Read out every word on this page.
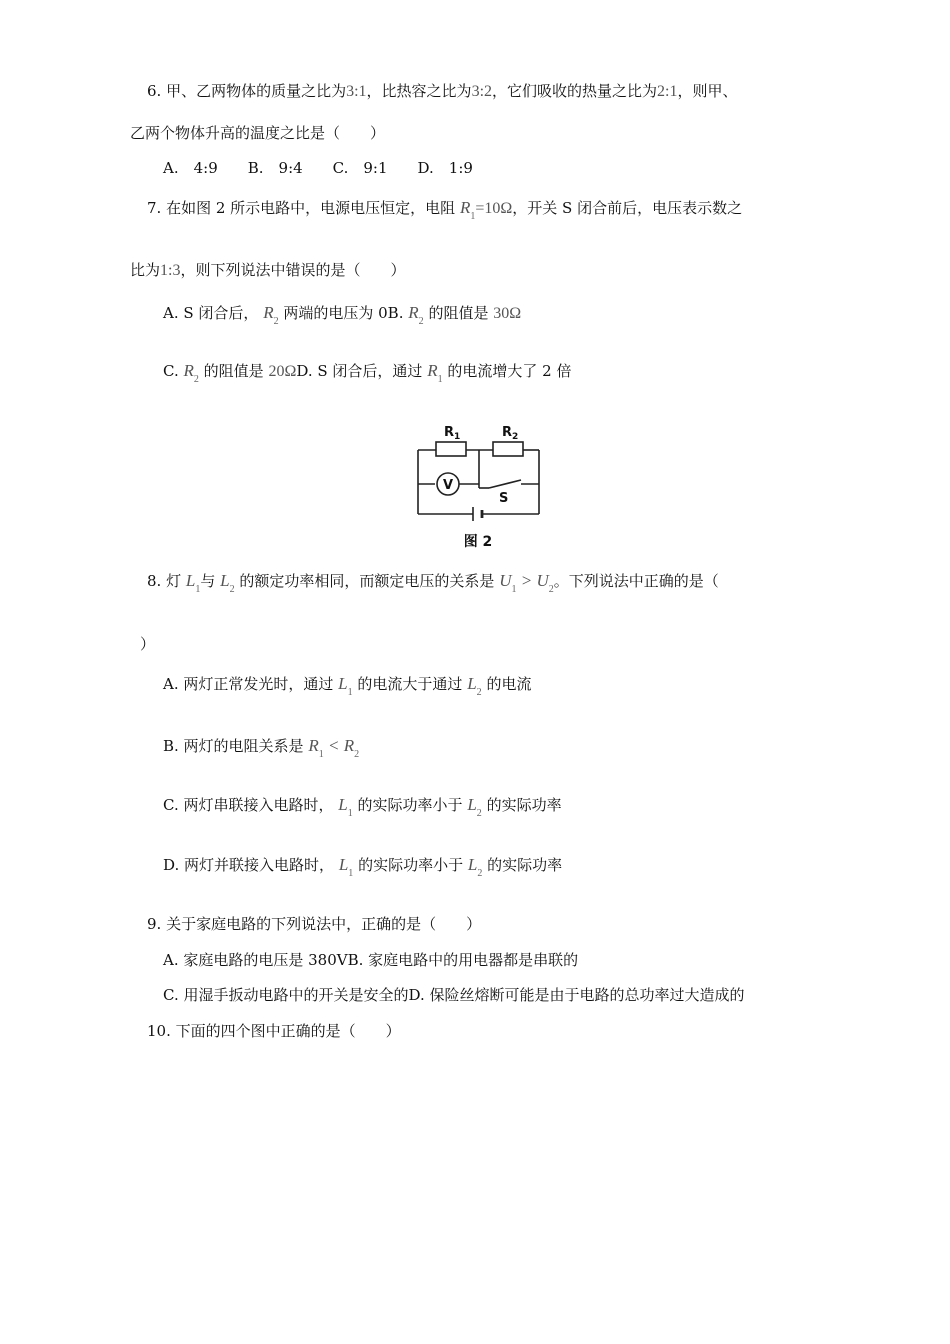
6. 甲、乙两物体的质量之比为3:1，比热容之比为3:2，它们吸收的热量之比为2:1，则甲、
乙两个物体升高的温度之比是（　　）
A.　4:9　　B.　9:4　　C.　9:1　　D.　1:9
7. 在如图 2 所示电路中，电源电压恒定，电阻 $R_1=10\Omega$，开关 S 闭合前后，电压表示数之
比为1:3，则下列说法中错误的是（　　）
A. S 闭合后， $R_2$ 两端的电压为 0B. $R_2$ 的阻值是 30Ω
C. $R_2$ 的阻值是 20ΩD. S 闭合后，通过 $R_1$ 的电流增大了 2 倍
$R_1$	$R_2$
V
S
图 2
8. 灯 $L_1$与 $L_2$ 的额定功率相同，而额定电压的关系是 $U_1 > U_2$。下列说法中正确的是（
）
A. 两灯正常发光时，通过 $L_1$ 的电流大于通过 $L_2$ 的电流
B. 两灯的电阻关系是 $R_1 < R_2$
C. 两灯串联接入电路时， $L_1$ 的实际功率小于 $L_2$ 的实际功率
D. 两灯并联接入电路时， $L_1$ 的实际功率小于 $L_2$ 的实际功率
9. 关于家庭电路的下列说法中，正确的是（　　）
A. 家庭电路的电压是 380VB. 家庭电路中的用电器都是串联的
C. 用湿手扳动电路中的开关是安全的D. 保险丝熔断可能是由于电路的总功率过大造成的
10. 下面的四个图中正确的是（　　）
